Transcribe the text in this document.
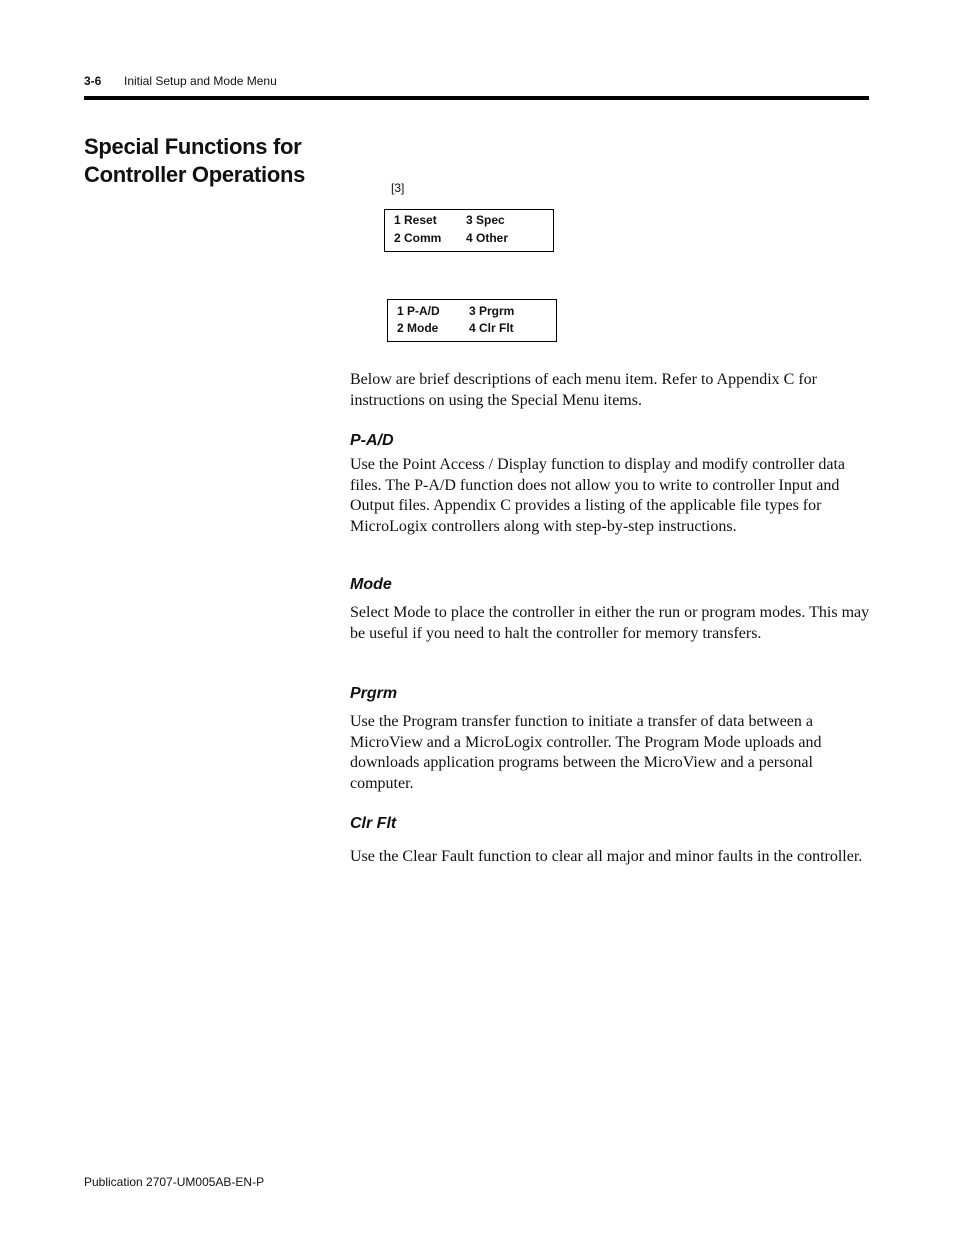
3-6 Initial Setup and Mode Menu
Special Functions for Controller Operations
[3]
1 Reset 3 Spec
2 Comm 4 Other
1 P-A/D 3 Prgrm
2 Mode	4 Clr Flt
Below are brief descriptions of each menu item. Refer to Appendix C for instructions on using the Special Menu items.
P-A/D
Use the Point Access / Display function to display and modify controller data files. The P-A/D function does not allow you to write to controller Input and Output files. Appendix C provides a listing of the applicable file types for MicroLogix controllers along with step-by-step instructions.
Mode
Select Mode to place the controller in either the run or program modes. This may be useful if you need to halt the controller for memory transfers.
Prgrm
Use the Program transfer function to initiate a transfer of data between a MicroView and a MicroLogix controller. The Program Mode uploads and downloads application programs between the MicroView and a personal computer.
Clr Flt
Use the Clear Fault function to clear all major and minor faults in the controller.
Publication 2707-UM005AB-EN-P
